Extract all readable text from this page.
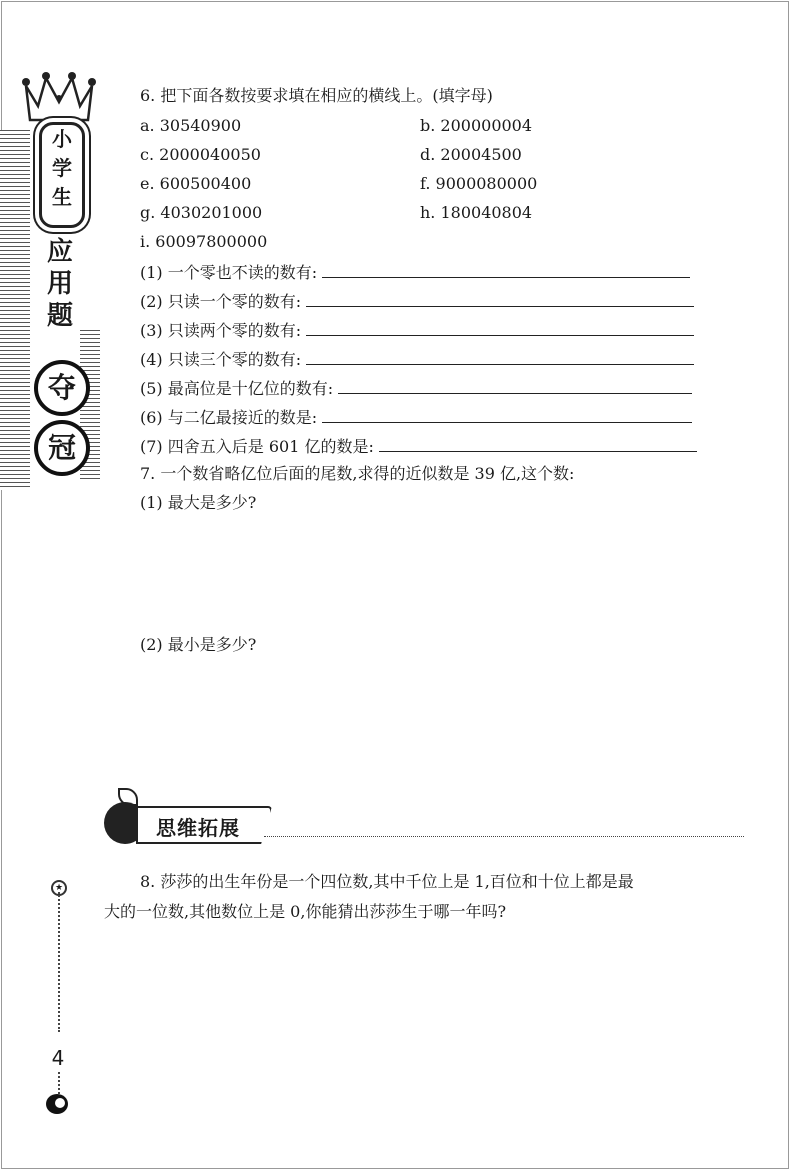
小
学
生
应
用
题
夺
冠
★
4
6. 把下面各数按要求填在相应的横线上。(填字母)
a. 30540900	b. 200000004
c. 2000040050	d. 20004500
e. 600500400	f. 9000080000
g. 4030201000	h. 180040804
i. 60097800000
(1) 一个零也不读的数有:
(2) 只读一个零的数有:
(3) 只读两个零的数有:
(4) 只读三个零的数有:
(5) 最高位是十亿位的数有:
(6) 与二亿最接近的数是:
(7) 四舍五入后是 601 亿的数是:
7. 一个数省略亿位后面的尾数,求得的近似数是 39 亿,这个数:
(1) 最大是多少?
(2) 最小是多少?
思维拓展
8. 莎莎的出生年份是一个四位数,其中千位上是 1,百位和十位上都是最
大的一位数,其他数位上是 0,你能猜出莎莎生于哪一年吗?
